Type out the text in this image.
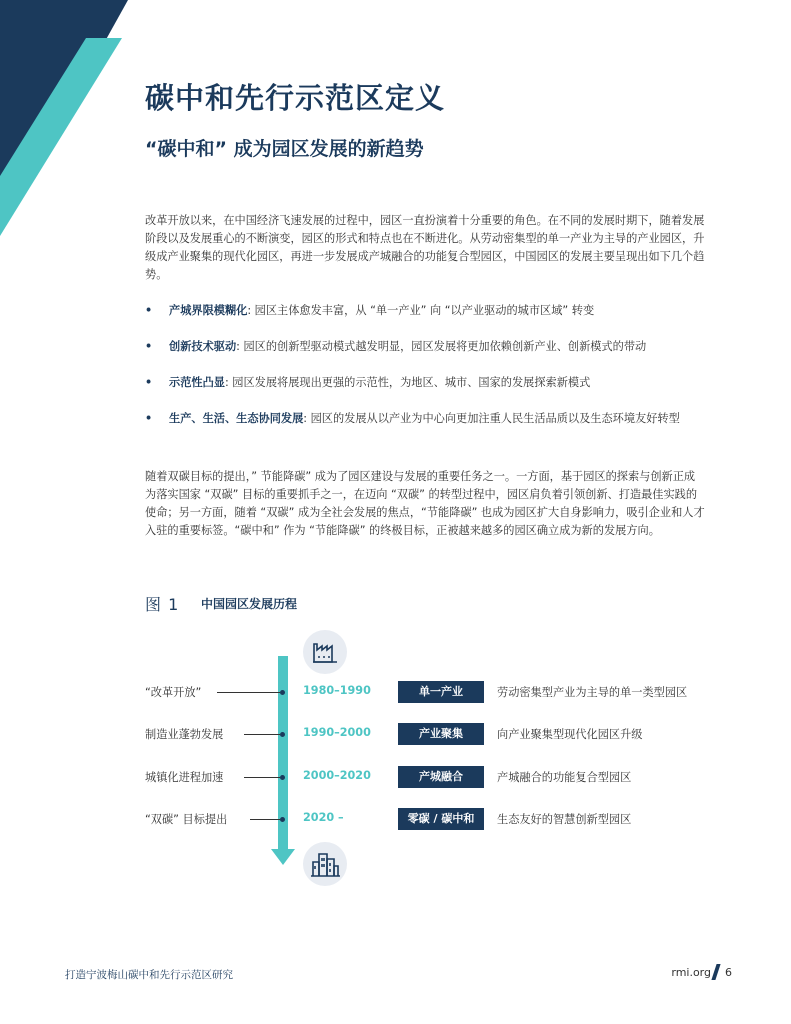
碳中和先行示范区定义
“碳中和” 成为园区发展的新趋势

改革开放以来，在中国经济飞速发展的过程中，园区一直扮演着十分重要的角色。在不同的发展时期下，随着发展阶段以及发展重心的不断演变，园区的形式和特点也在不断进化。从劳动密集型的单一产业为主导的产业园区，升级成产业聚集的现代化园区，再进一步发展成产城融合的功能复合型园区，中国园区的发展主要呈现出如下几个趋势。

• 产城界限模糊化: 园区主体愈发丰富，从 “单一产业” 向 “以产业驱动的城市区域” 转变
• 创新技术驱动: 园区的创新型驱动模式越发明显，园区发展将更加依赖创新产业、创新模式的带动
• 示范性凸显: 园区发展将展现出更强的示范性，为地区、城市、国家的发展探索新模式
• 生产、生活、生态协同发展: 园区的发展从以产业为中心向更加注重人民生活品质以及生态环境友好转型

随着双碳目标的提出，” 节能降碳” 成为了园区建设与发展的重要任务之一。一方面，基于园区的探索与创新正成为落实国家 “双碳” 目标的重要抓手之一，在迈向 “双碳” 的转型过程中，园区肩负着引领创新、打造最佳实践的使命；另一方面，随着 “双碳” 成为全社会发展的焦点，“节能降碳” 也成为园区扩大自身影响力，吸引企业和人才入驻的重要标签。“碳中和” 作为 “节能降碳” 的终极目标，正被越来越多的园区确立成为新的发展方向。

图 1 中国园区发展历程
“改革开放”	1980–1990	单一产业	劳动密集型产业为主导的单一类型园区
制造业蓬勃发展	1990–2000	产业聚集	向产业聚集型现代化园区升级
城镇化进程加速	2000–2020	产城融合	产城融合的功能复合型园区
“双碳” 目标提出	2020 –	零碳 / 碳中和	生态友好的智慧创新型园区
打造宁波梅山碳中和先行示范区研究	rmi.org 6
